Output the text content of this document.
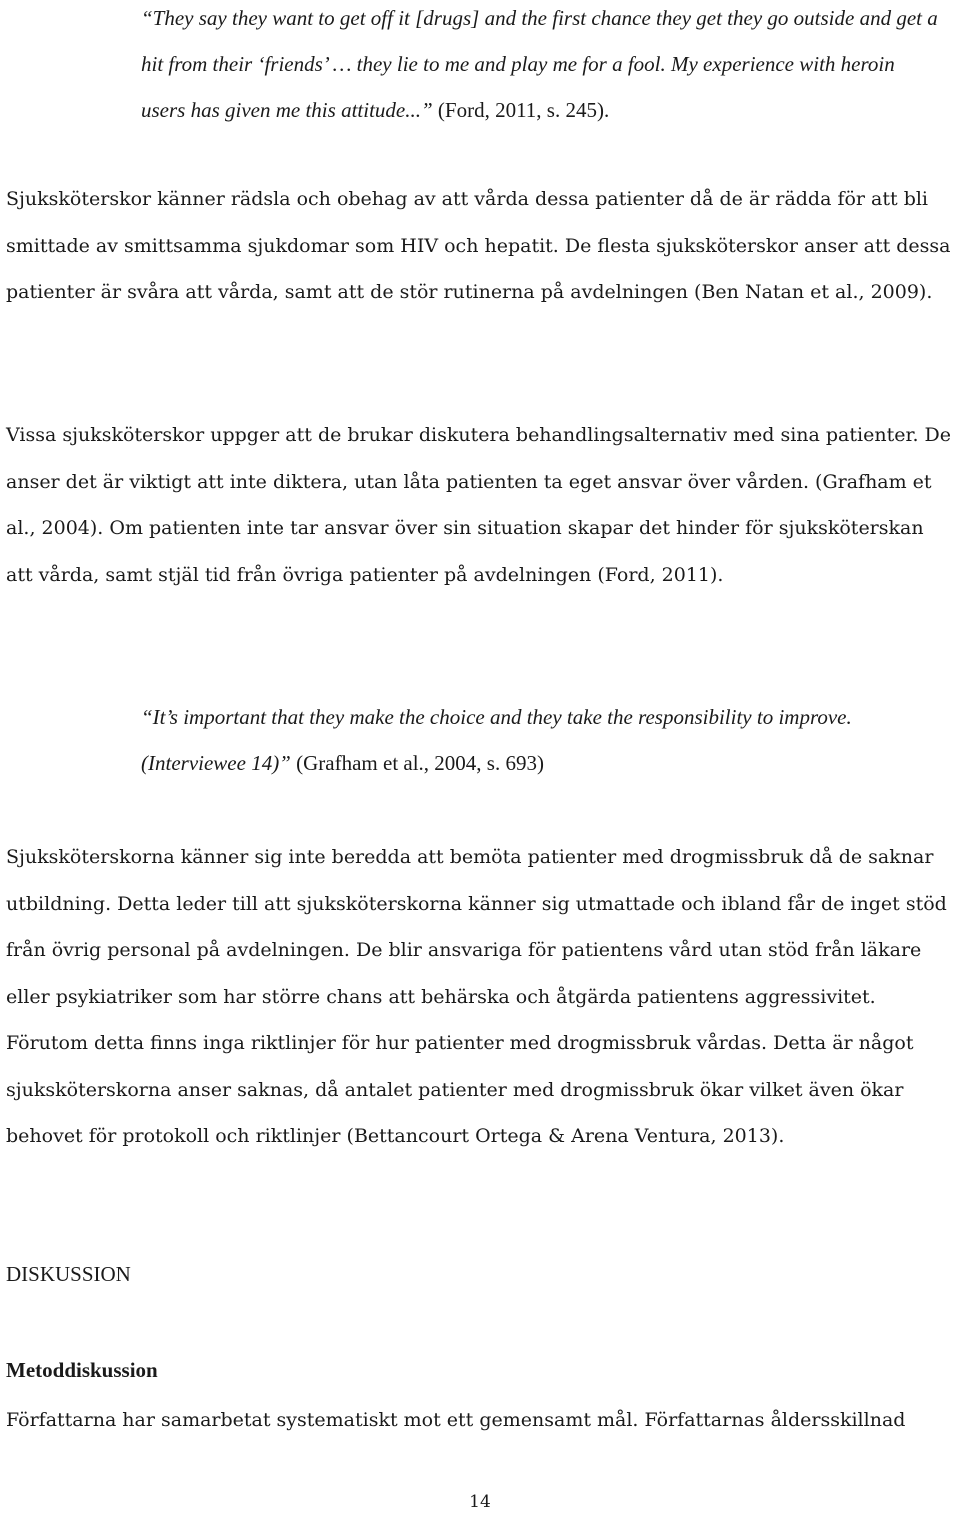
“They say they want to get off it [drugs] and the first chance they get they go outside and get a hit from their ‘friends’ … they lie to me and play me for a fool. My experience with heroin users has given me this attitude...” (Ford, 2011, s. 245).

Sjuksköterskor känner rädsla och obehag av att vårda dessa patienter då de är rädda för att bli smittade av smittsamma sjukdomar som HIV och hepatit. De flesta sjuksköterskor anser att dessa patienter är svåra att vårda, samt att de stör rutinerna på avdelningen (Ben Natan et al., 2009).

Vissa sjuksköterskor uppger att de brukar diskutera behandlingsalternativ med sina patienter. De anser det är viktigt att inte diktera, utan låta patienten ta eget ansvar över vården. (Grafham et al., 2004). Om patienten inte tar ansvar över sin situation skapar det hinder för sjuksköterskan att vårda, samt stjäl tid från övriga patienter på avdelningen (Ford, 2011).

“It’s important that they make the choice and they take the responsibility to improve. (Interviewee 14)” (Grafham et al., 2004, s. 693)

Sjuksköterskorna känner sig inte beredda att bemöta patienter med drogmissbruk då de saknar utbildning. Detta leder till att sjuksköterskorna känner sig utmattade och ibland får de inget stöd från övrig personal på avdelningen. De blir ansvariga för patientens vård utan stöd från läkare eller psykiatriker som har större chans att behärska och åtgärda patientens aggressivitet. Förutom detta finns inga riktlinjer för hur patienter med drogmissbruk vårdas. Detta är något sjuksköterskorna anser saknas, då antalet patienter med drogmissbruk ökar vilket även ökar behovet för protokoll och riktlinjer (Bettancourt Ortega & Arena Ventura, 2013).

DISKUSSION
Metoddiskussion

Författarna har samarbetat systematiskt mot ett gemensamt mål. Författarnas åldersskillnad

14
